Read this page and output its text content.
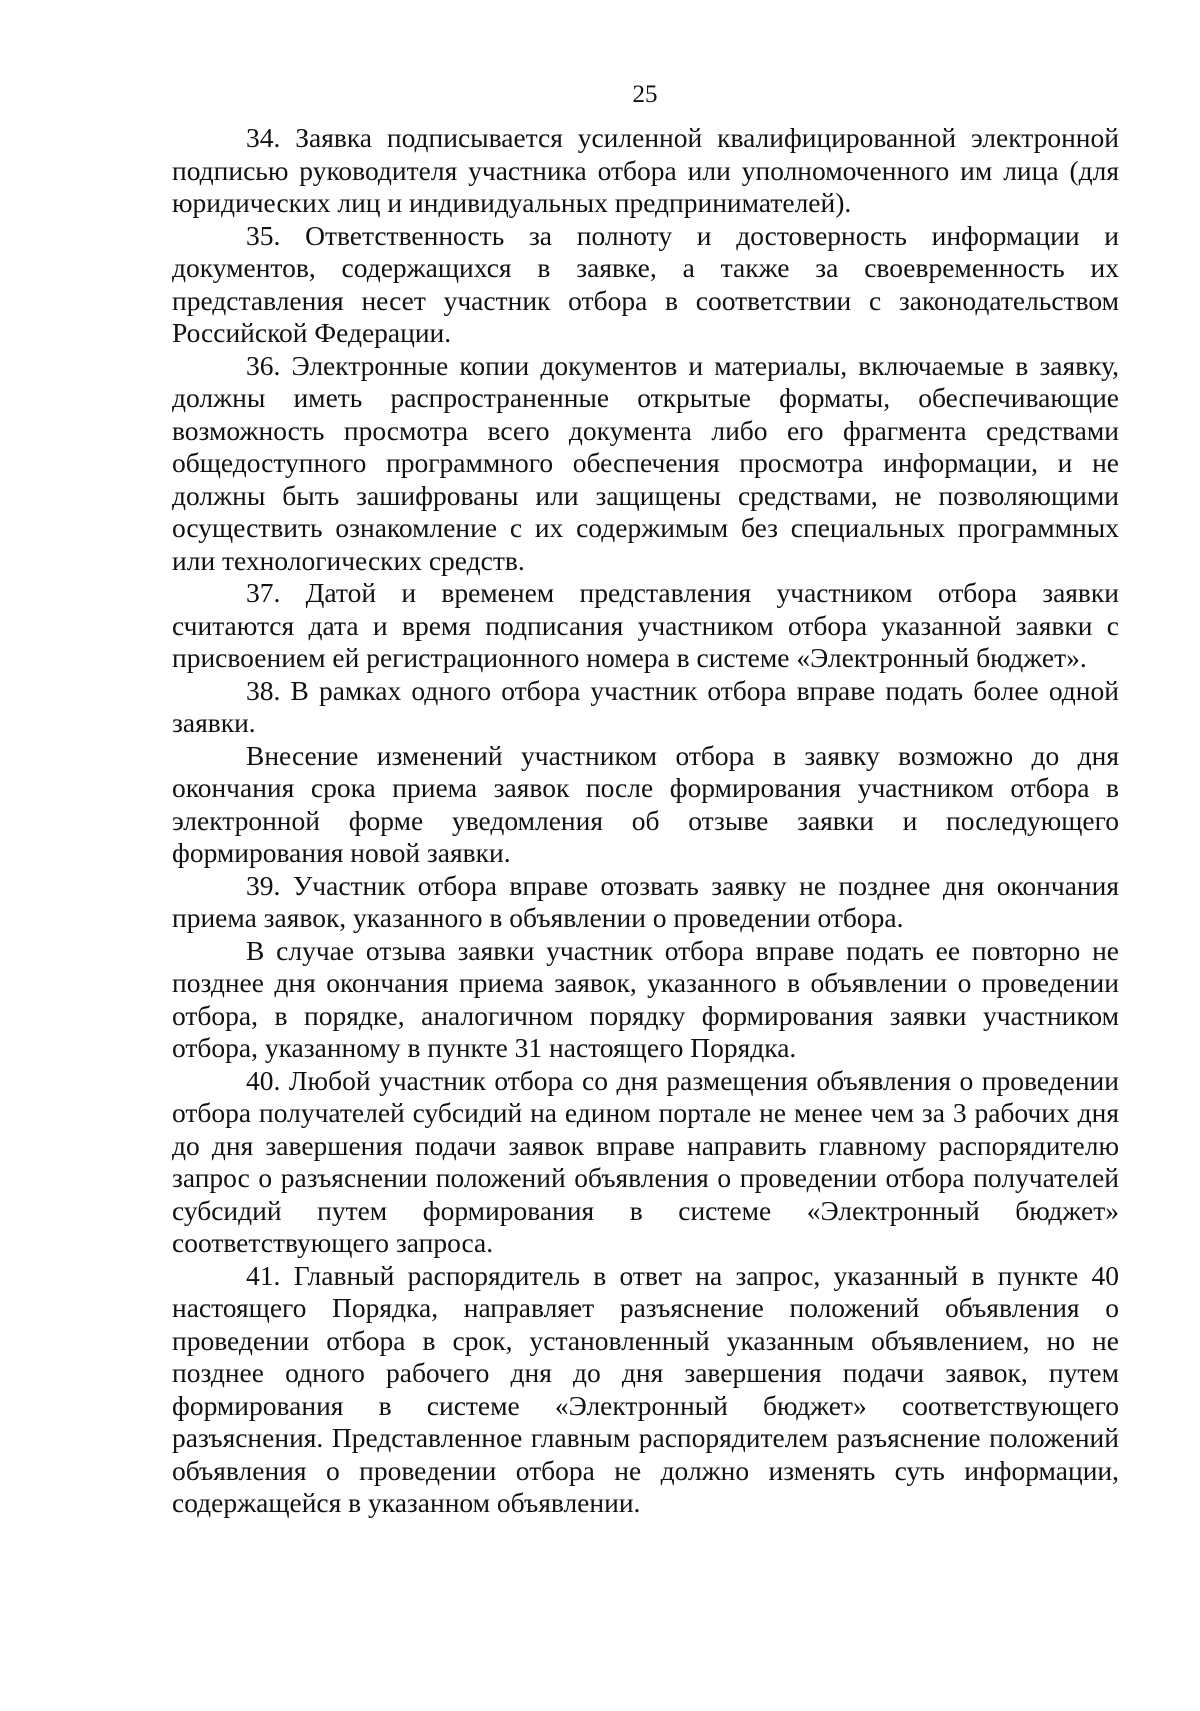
25

34. Заявка подписывается усиленной квалифицированной электронной подписью руководителя участника отбора или уполномоченного им лица (для юридических лиц и индивидуальных предпринимателей).

35. Ответственность за полноту и достоверность информации и документов, содержащихся в заявке, а также за своевременность их представления несет участник отбора в соответствии с законодательством Российской Федерации.

36. Электронные копии документов и материалы, включаемые в заявку, должны иметь распространенные открытые форматы, обеспечивающие возможность просмотра всего документа либо его фрагмента средствами общедоступного программного обеспечения просмотра информации, и не должны быть зашифрованы или защищены средствами, не позволяющими осуществить ознакомление с их содержимым без специальных программных или технологических средств.

37. Датой и временем представления участником отбора заявки считаются дата и время подписания участником отбора указанной заявки с присвоением ей регистрационного номера в системе «Электронный бюджет».

38. В рамках одного отбора участник отбора вправе подать более одной заявки.

Внесение изменений участником отбора в заявку возможно до дня окончания срока приема заявок после формирования участником отбора в электронной форме уведомления об отзыве заявки и последующего формирования новой заявки.

39. Участник отбора вправе отозвать заявку не позднее дня окончания приема заявок, указанного в объявлении о проведении отбора.

В случае отзыва заявки участник отбора вправе подать ее повторно не позднее дня окончания приема заявок, указанного в объявлении о проведении отбора, в порядке, аналогичном порядку формирования заявки участником отбора, указанному в пункте 31 настоящего Порядка.

40. Любой участник отбора со дня размещения объявления о проведении отбора получателей субсидий на едином портале не менее чем за 3 рабочих дня до дня завершения подачи заявок вправе направить главному распорядителю запрос о разъяснении положений объявления о проведении отбора получателей субсидий путем формирования в системе «Электронный бюджет» соответствующего запроса.

41. Главный распорядитель в ответ на запрос, указанный в пункте 40 настоящего Порядка, направляет разъяснение положений объявления о проведении отбора в срок, установленный указанным объявлением, но не позднее одного рабочего дня до дня завершения подачи заявок, путем формирования в системе «Электронный бюджет» соответствующего разъяснения. Представленное главным распорядителем разъяснение положений объявления о проведении отбора не должно изменять суть информации, содержащейся в указанном объявлении.
